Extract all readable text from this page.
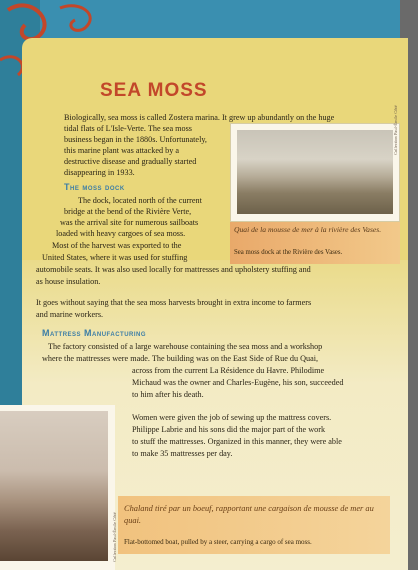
SEA MOSS
Biologically, sea moss is called Zostera marina. It grew up abundantly on the huge
tidal flats of L'Isle-Verte. The sea moss
business began in the 1880s. Unfortunately,
this marine plant was attacked by a
destructive disease and gradually started
disappearing in 1933.
The moss dock
The dock, located north of the current
bridge at the bend of the Rivière Verte,
was the arrival site for numerous sailboats
loaded with heavy cargoes of sea moss.
Most of the harvest was exported to the
United States, where it was used for stuffing
automobile seats. It was also used locally for mattresses and upholstery stuffing and
as house insulation.
Collection Paul-Émile Côté
Quai de la mousse de mer à la rivière des Vases.
Sea moss dock at the Rivière des Vases.
It goes without saying that the sea moss harvests brought in extra income to farmers
and marine workers.
Mattress Manufacturing
The factory consisted of a large warehouse containing the sea moss and a workshop
where the mattresses were made. The building was on the East Side of Rue du Quai,
across from the current La Résidence du Havre. Philodime
Michaud was the owner and Charles-Eugène, his son, succeeded
to him after his death.
Women were given the job of sewing up the mattress covers.
Philippe Labrie and his sons did the major part of the work
to stuff the mattresses. Organized in this manner, they were able
to make 35 mattresses per day.
Collection Paul-Émile Côté
Chaland tiré par un boeuf, rapportant une cargaison de mousse de mer au quai.
Flat-bottomed boat, pulled by a steer, carrying a cargo of sea moss.
